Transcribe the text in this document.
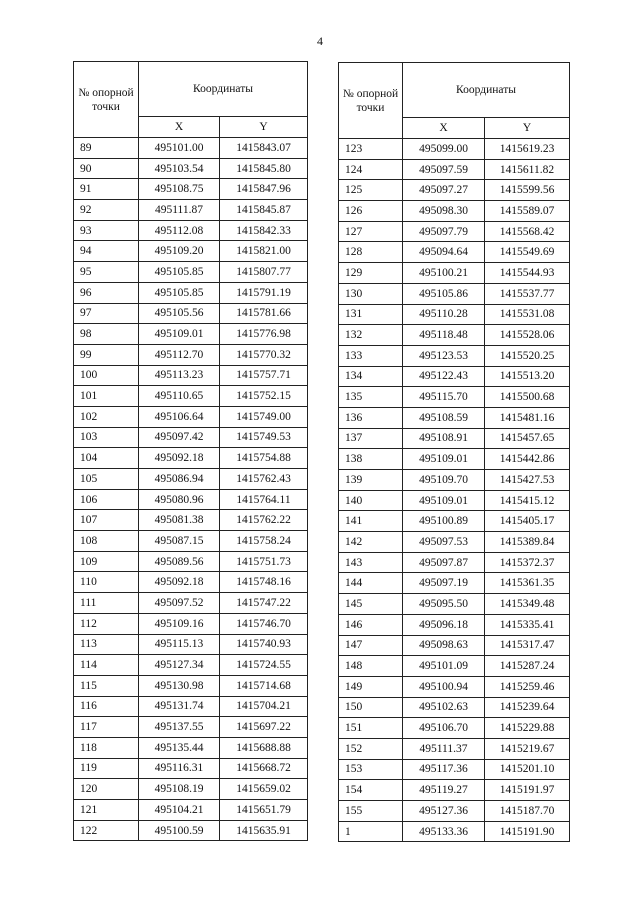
4
№ опорной точки	Координаты	
	X	Y
89	495101.00	1415843.07
90	495103.54	1415845.80
91	495108.75	1415847.96
92	495111.87	1415845.87
93	495112.08	1415842.33
94	495109.20	1415821.00
95	495105.85	1415807.77
96	495105.85	1415791.19
97	495105.56	1415781.66
98	495109.01	1415776.98
99	495112.70	1415770.32
100	495113.23	1415757.71
101	495110.65	1415752.15
102	495106.64	1415749.00
103	495097.42	1415749.53
104	495092.18	1415754.88
105	495086.94	1415762.43
106	495080.96	1415764.11
107	495081.38	1415762.22
108	495087.15	1415758.24
109	495089.56	1415751.73
110	495092.18	1415748.16
111	495097.52	1415747.22
112	495109.16	1415746.70
113	495115.13	1415740.93
114	495127.34	1415724.55
115	495130.98	1415714.68
116	495131.74	1415704.21
117	495137.55	1415697.22
118	495135.44	1415688.88
119	495116.31	1415668.72
120	495108.19	1415659.02
121	495104.21	1415651.79
122	495100.59	1415635.91
№ опорной точки	Координаты	
	X	Y
123	495099.00	1415619.23
124	495097.59	1415611.82
125	495097.27	1415599.56
126	495098.30	1415589.07
127	495097.79	1415568.42
128	495094.64	1415549.69
129	495100.21	1415544.93
130	495105.86	1415537.77
131	495110.28	1415531.08
132	495118.48	1415528.06
133	495123.53	1415520.25
134	495122.43	1415513.20
135	495115.70	1415500.68
136	495108.59	1415481.16
137	495108.91	1415457.65
138	495109.01	1415442.86
139	495109.70	1415427.53
140	495109.01	1415415.12
141	495100.89	1415405.17
142	495097.53	1415389.84
143	495097.87	1415372.37
144	495097.19	1415361.35
145	495095.50	1415349.48
146	495096.18	1415335.41
147	495098.63	1415317.47
148	495101.09	1415287.24
149	495100.94	1415259.46
150	495102.63	1415239.64
151	495106.70	1415229.88
152	495111.37	1415219.67
153	495117.36	1415201.10
154	495119.27	1415191.97
155	495127.36	1415187.70
1	495133.36	1415191.90
